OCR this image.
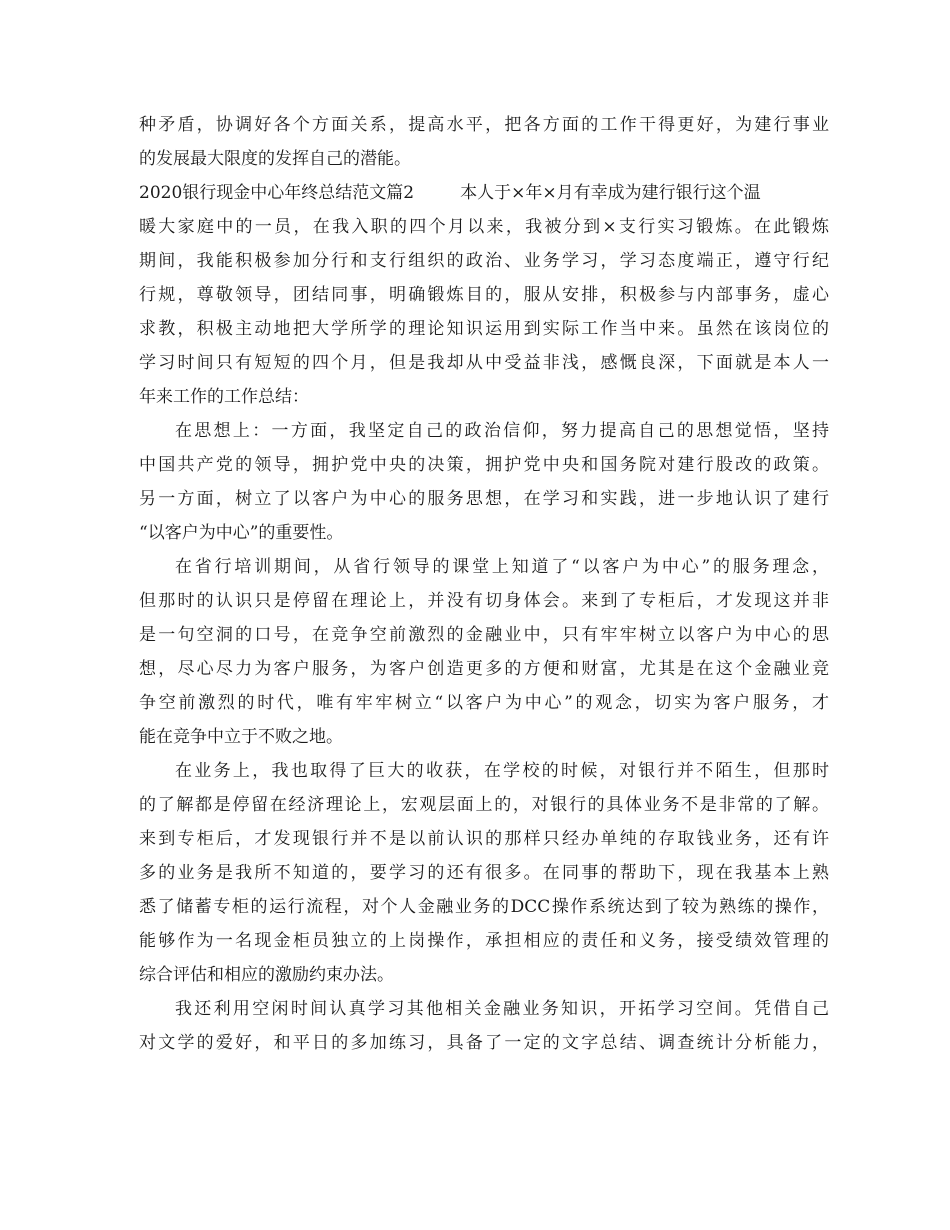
种矛盾，协调好各个方面关系，提高水平，把各方面的工作干得更好，为建行事业
的发展最大限度的发挥自己的潜能。
2020银行现金中心年终总结范文篇2	本人于×年×月有幸成为建行银行这个温
暖大家庭中的一员，在我入职的四个月以来，我被分到×支行实习锻炼。在此锻炼
期间，我能积极参加分行和支行组织的政治、业务学习，学习态度端正，遵守行纪
行规，尊敬领导，团结同事，明确锻炼目的，服从安排，积极参与内部事务，虚心
求教，积极主动地把大学所学的理论知识运用到实际工作当中来。虽然在该岗位的
学习时间只有短短的四个月，但是我却从中受益非浅，感慨良深，下面就是本人一
年来工作的工作总结：
在思想上：一方面，我坚定自己的政治信仰，努力提高自己的思想觉悟，坚持
中国共产党的领导，拥护党中央的决策，拥护党中央和国务院对建行股改的政策。
另一方面，树立了以客户为中心的服务思想，在学习和实践，进一步地认识了建行
“以客户为中心”的重要性。
在省行培训期间，从省行领导的课堂上知道了“以客户为中心”的服务理念，
但那时的认识只是停留在理论上，并没有切身体会。来到了专柜后，才发现这并非
是一句空洞的口号，在竞争空前激烈的金融业中，只有牢牢树立以客户为中心的思
想，尽心尽力为客户服务，为客户创造更多的方便和财富，尤其是在这个金融业竞
争空前激烈的时代，唯有牢牢树立“以客户为中心”的观念，切实为客户服务，才
能在竞争中立于不败之地。
在业务上，我也取得了巨大的收获，在学校的时候，对银行并不陌生，但那时
的了解都是停留在经济理论上，宏观层面上的，对银行的具体业务不是非常的了解。
来到专柜后，才发现银行并不是以前认识的那样只经办单纯的存取钱业务，还有许
多的业务是我所不知道的，要学习的还有很多。在同事的帮助下，现在我基本上熟
悉了储蓄专柜的运行流程，对个人金融业务的DCC操作系统达到了较为熟练的操作，
能够作为一名现金柜员独立的上岗操作，承担相应的责任和义务，接受绩效管理的
综合评估和相应的激励约束办法。
我还利用空闲时间认真学习其他相关金融业务知识，开拓学习空间。凭借自己
对文学的爱好，和平日的多加练习，具备了一定的文字总结、调查统计分析能力，
